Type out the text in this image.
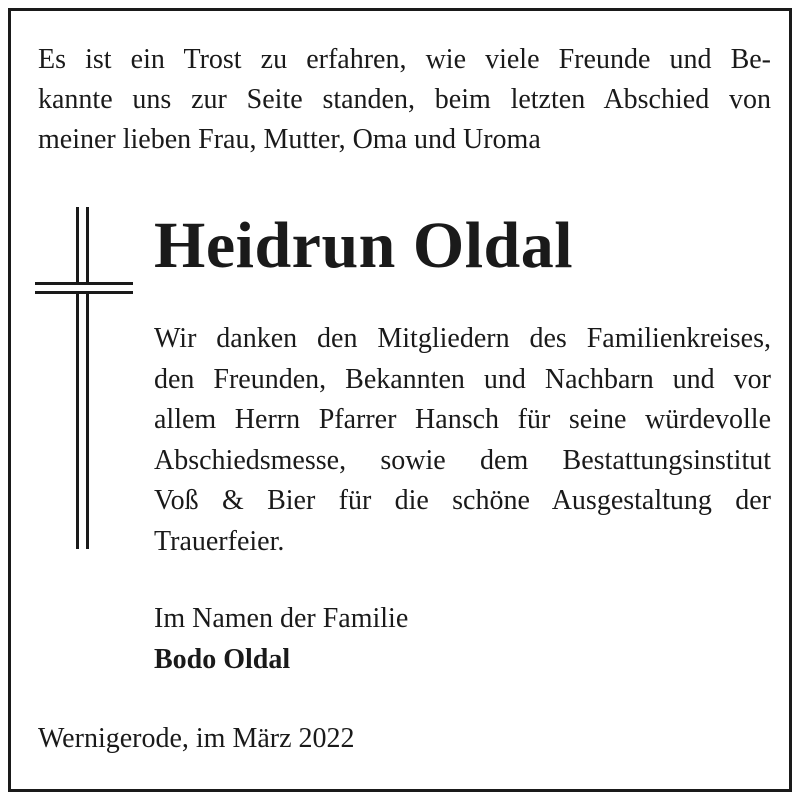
Es ist ein Trost zu erfahren, wie viele Freunde und Be-
kannte uns zur Seite standen, beim letzten Abschied von
meiner lieben Frau, Mutter, Oma und Uroma

Heidrun Oldal

Wir danken den Mitgliedern des Familienkreises,
den Freunden, Bekannten und Nachbarn und vor
allem Herrn Pfarrer Hansch für seine würdevolle
Abschiedsmesse, sowie dem Bestattungsinstitut
Voß & Bier für die schöne Ausgestaltung der
Trauerfeier.

Im Namen der Familie

Bodo Oldal

Wernigerode, im März 2022
